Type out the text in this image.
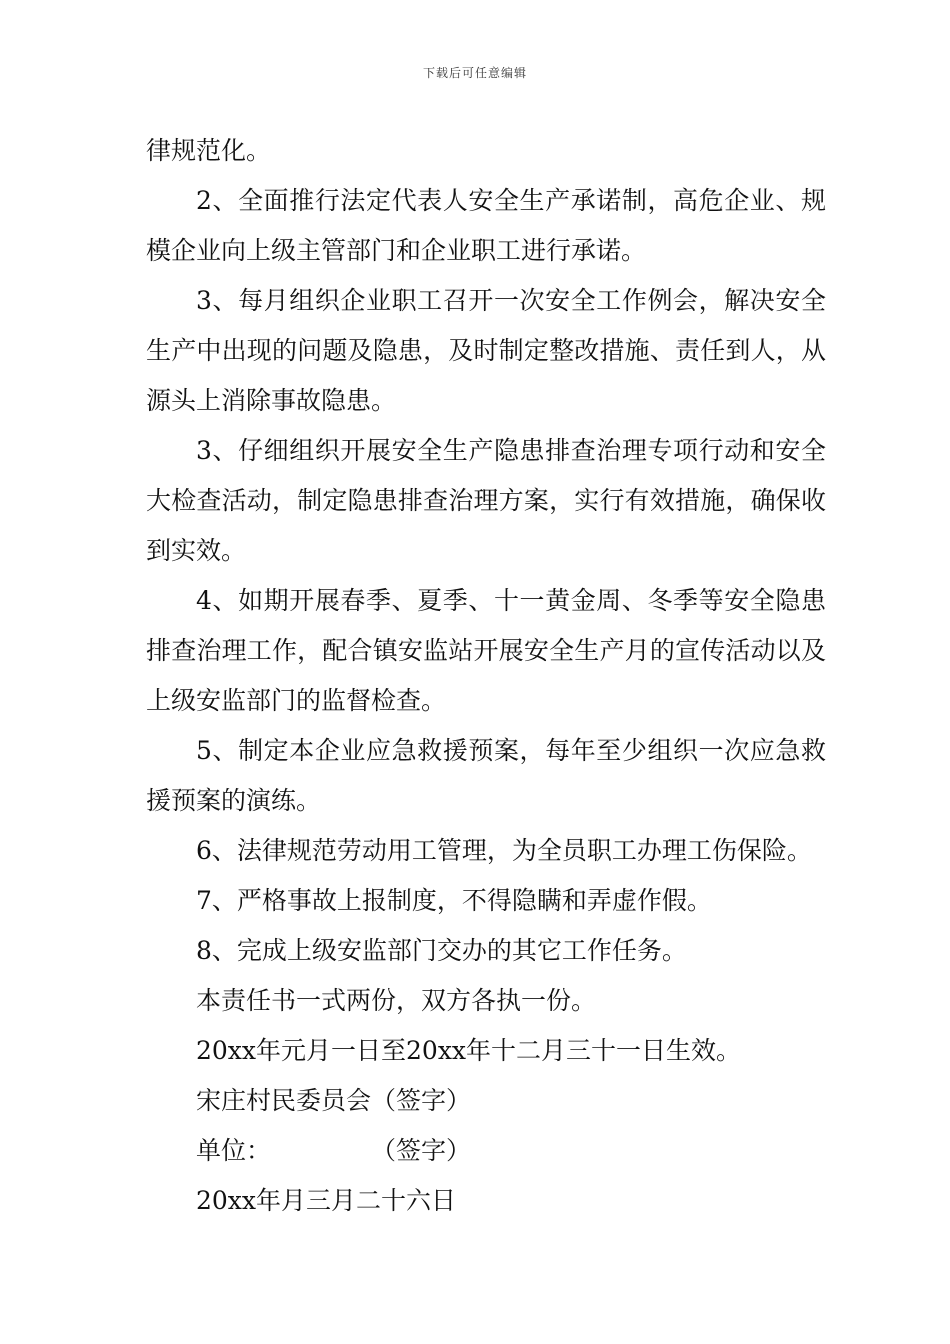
下载后可任意编辑

律规范化。

2、全面推行法定代表人安全生产承诺制，高危企业、规模企业向上级主管部门和企业职工进行承诺。

3、每月组织企业职工召开一次安全工作例会，解决安全生产中出现的问题及隐患，及时制定整改措施、责任到人，从源头上消除事故隐患。

3、仔细组织开展安全生产隐患排查治理专项行动和安全大检查活动，制定隐患排查治理方案，实行有效措施，确保收到实效。

4、如期开展春季、夏季、十一黄金周、冬季等安全隐患排查治理工作，配合镇安监站开展安全生产月的宣传活动以及上级安监部门的监督检查。

5、制定本企业应急救援预案，每年至少组织一次应急救援预案的演练。

6、法律规范劳动用工管理，为全员职工办理工伤保险。

7、严格事故上报制度，不得隐瞒和弄虚作假。

8、完成上级安监部门交办的其它工作任务。

本责任书一式两份，双方各执一份。

20xx年元月一日至20xx年十二月三十一日生效。

宋庄村民委员会（签字）

单位：	（签字）

20xx年月三月二十六日
